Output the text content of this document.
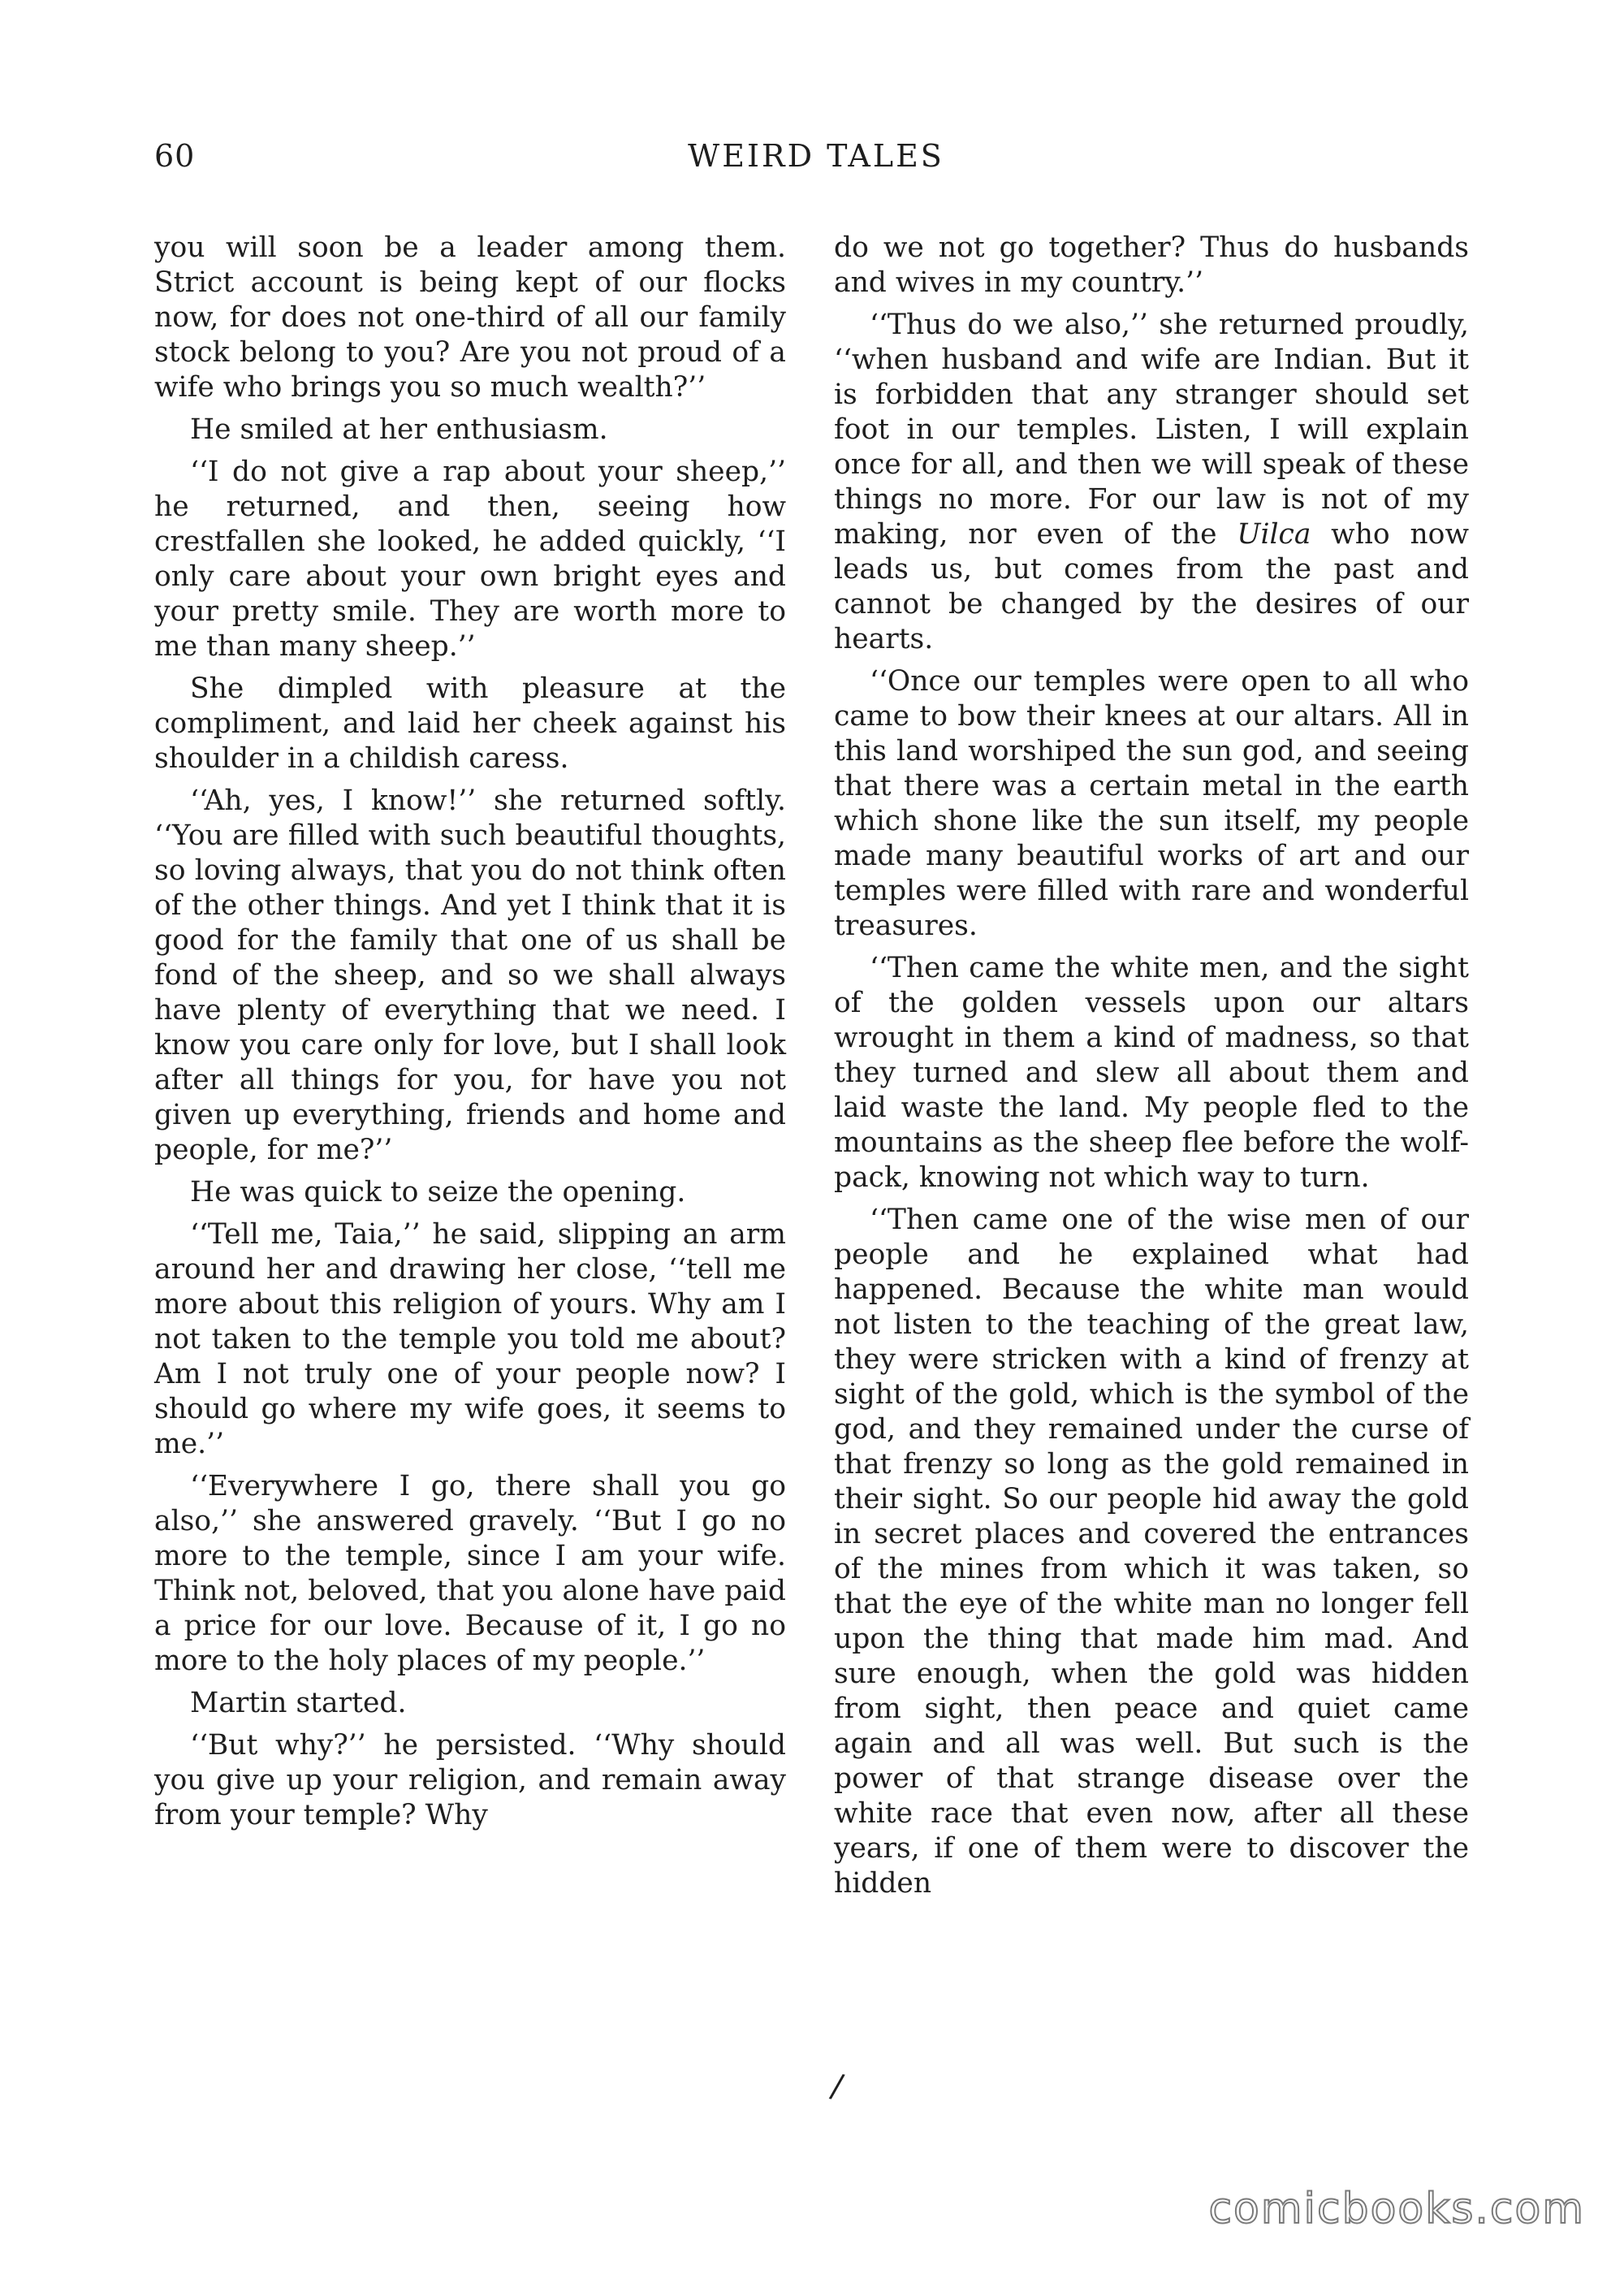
60	WEIRD TALES

you will soon be a leader among them. Strict account is being kept of our flocks now, for does not one-third of all our family stock belong to you? Are you not proud of a wife who brings you so much wealth?’’

He smiled at her enthusiasm.

‘‘I do not give a rap about your sheep,’’ he returned, and then, seeing how crestfallen she looked, he added quickly, ‘‘I only care about your own bright eyes and your pretty smile. They are worth more to me than many sheep.’’

She dimpled with pleasure at the compliment, and laid her cheek against his shoulder in a childish caress.

‘‘Ah, yes, I know!’’ she returned softly. ‘‘You are filled with such beautiful thoughts, so loving always, that you do not think often of the other things. And yet I think that it is good for the family that one of us shall be fond of the sheep, and so we shall always have plenty of everything that we need. I know you care only for love, but I shall look after all things for you, for have you not given up everything, friends and home and people, for me?’’

He was quick to seize the opening.

‘‘Tell me, Taia,’’ he said, slipping an arm around her and drawing her close, ‘‘tell me more about this religion of yours. Why am I not taken to the temple you told me about? Am I not truly one of your people now? I should go where my wife goes, it seems to me.’’

‘‘Everywhere I go, there shall you go also,’’ she answered gravely. ‘‘But I go no more to the temple, since I am your wife. Think not, beloved, that you alone have paid a price for our love. Because of it, I go no more to the holy places of my people.’’

Martin started.

‘‘But why?’’ he persisted. ‘‘Why should you give up your religion, and remain away from your temple? Why

do we not go together? Thus do husbands and wives in my country.’’

‘‘Thus do we also,’’ she returned proudly, ‘‘when husband and wife are Indian. But it is forbidden that any stranger should set foot in our temples. Listen, I will explain once for all, and then we will speak of these things no more. For our law is not of my making, nor even of the Uilca who now leads us, but comes from the past and cannot be changed by the desires of our hearts.

‘‘Once our temples were open to all who came to bow their knees at our altars. All in this land worshiped the sun god, and seeing that there was a certain metal in the earth which shone like the sun itself, my people made many beautiful works of art and our temples were filled with rare and wonderful treasures.

‘‘Then came the white men, and the sight of the golden vessels upon our altars wrought in them a kind of madness, so that they turned and slew all about them and laid waste the land. My people fled to the mountains as the sheep flee before the wolf-pack, knowing not which way to turn.

‘‘Then came one of the wise men of our people and he explained what had happened. Because the white man would not listen to the teaching of the great law, they were stricken with a kind of frenzy at sight of the gold, which is the symbol of the god, and they remained under the curse of that frenzy so long as the gold remained in their sight. So our people hid away the gold in secret places and covered the entrances of the mines from which it was taken, so that the eye of the white man no longer fell upon the thing that made him mad. And sure enough, when the gold was hidden from sight, then peace and quiet came again and all was well. But such is the power of that strange disease over the white race that even now, after all these years, if one of them were to discover the hidden

/
comicbooks.com
